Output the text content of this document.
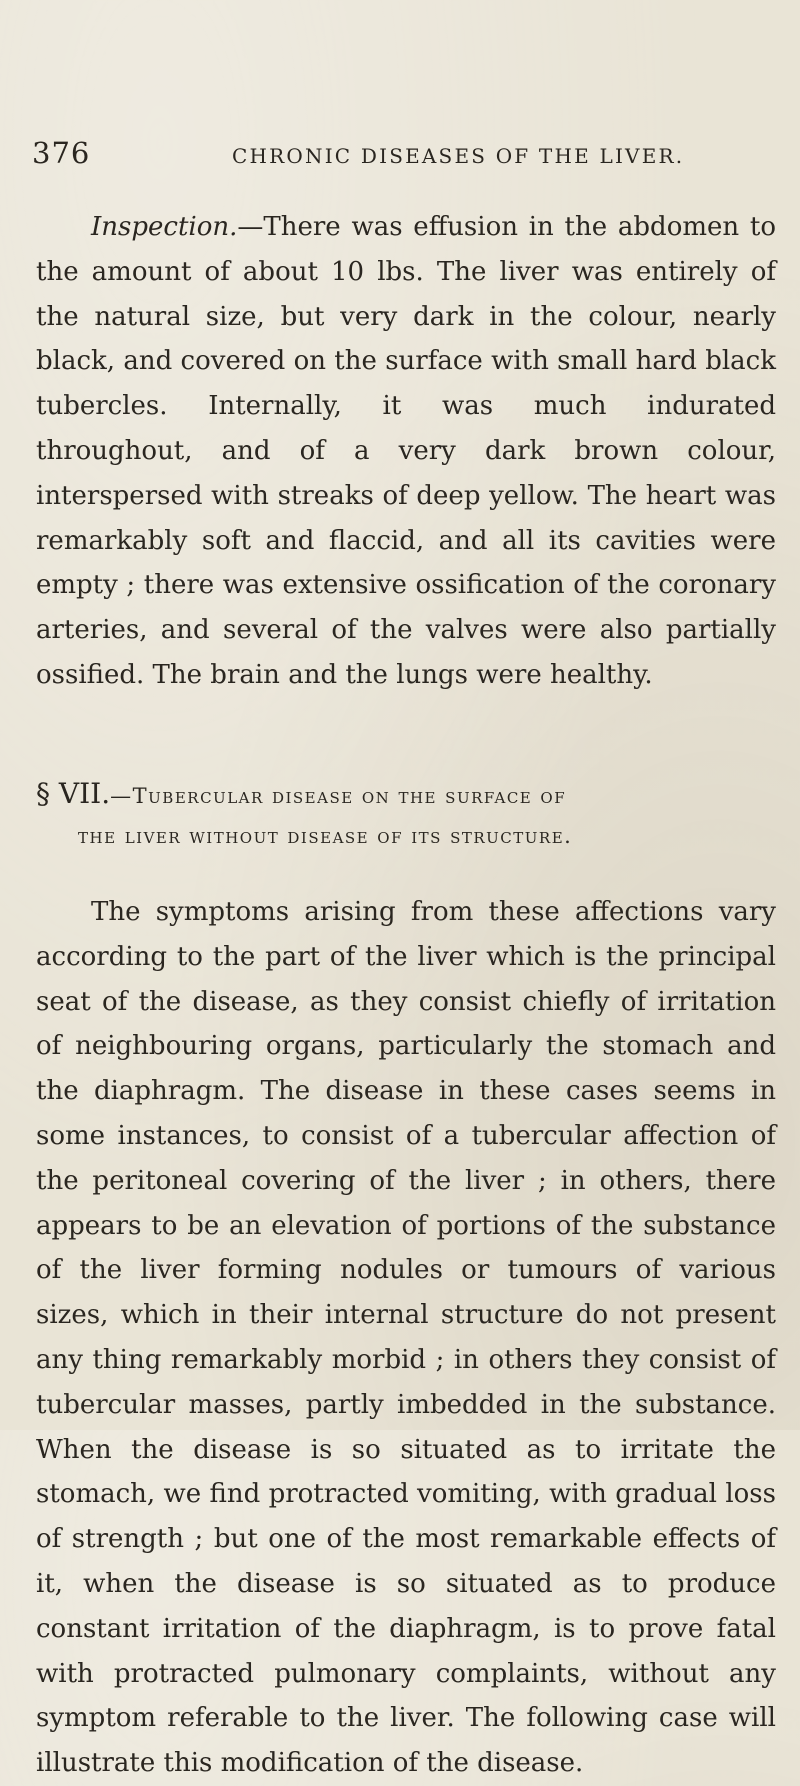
376	CHRONIC DISEASES OF THE LIVER.

Inspection.—There was effusion in the abdomen to the amount of about 10 lbs. The liver was entirely of the natural size, but very dark in the colour, nearly black, and covered on the surface with small hard black tubercles. Internally, it was much indurated throughout, and of a very dark brown colour, interspersed with streaks of deep yellow. The heart was remarkably soft and flaccid, and all its cavities were empty ; there was extensive ossification of the coronary arteries, and several of the valves were also partially ossified. The brain and the lungs were healthy.

§ VII.—Tubercular disease on the surface of
the liver without disease of its structure.

The symptoms arising from these affections vary according to the part of the liver which is the principal seat of the disease, as they consist chiefly of irritation of neighbouring organs, particularly the stomach and the diaphragm. The disease in these cases seems in some instances, to consist of a tubercular affection of the peritoneal covering of the liver ; in others, there appears to be an elevation of portions of the substance of the liver forming nodules or tumours of various sizes, which in their internal structure do not present any thing remarkably morbid ; in others they consist of tubercular masses, partly imbedded in the substance. When the disease is so situated as to irritate the stomach, we find protracted vomiting, with gradual loss of strength ; but one of the most remarkable effects of it, when the disease is so situated as to produce constant irritation of the diaphragm, is to prove fatal with protracted pulmonary complaints, without any symptom referable to the liver. The following case will illustrate this modification of the disease.
